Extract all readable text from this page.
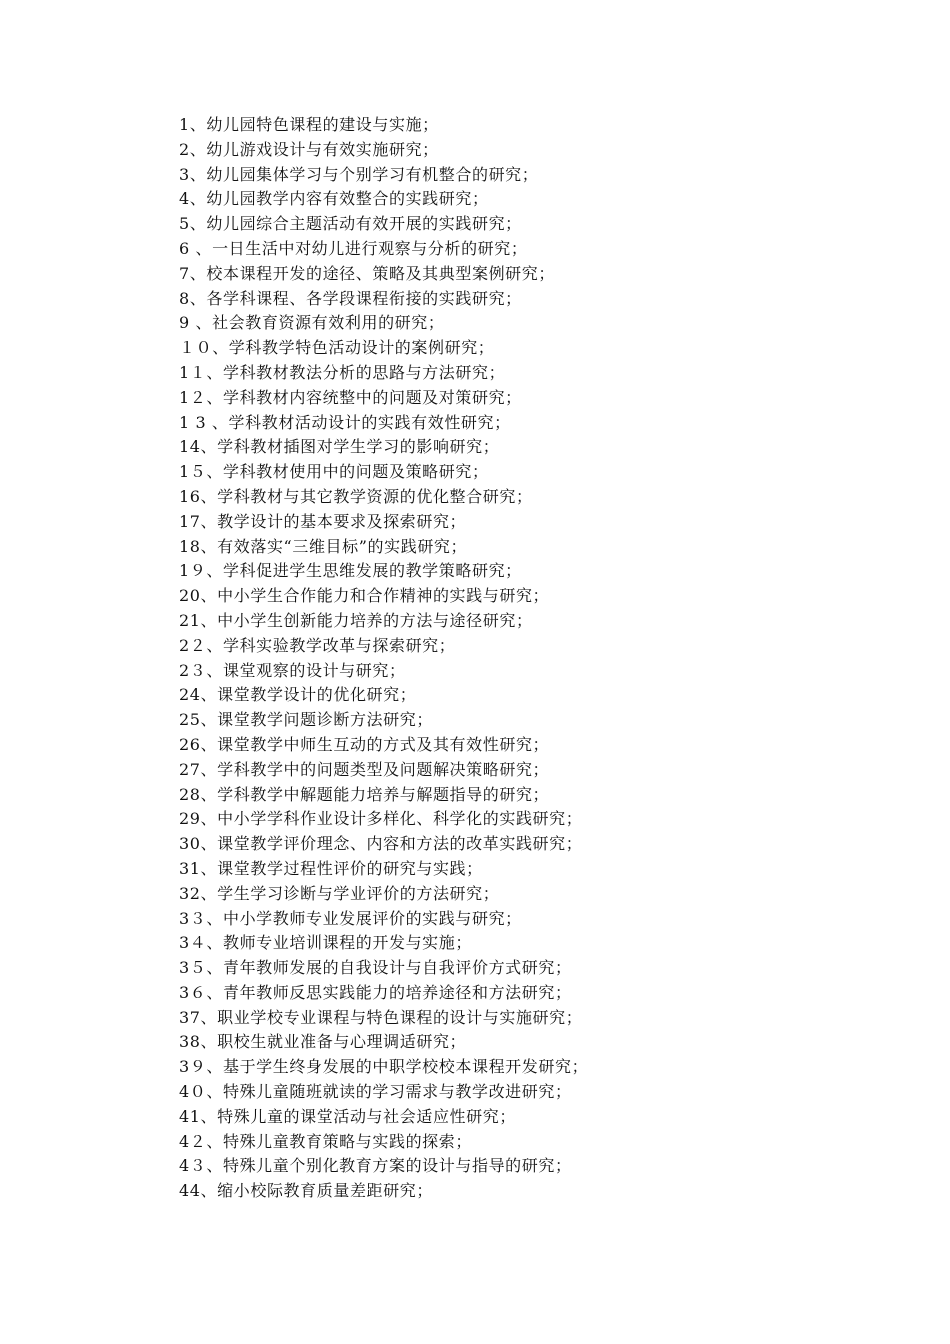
1、幼儿园特色课程的建设与实施；
2、幼儿游戏设计与有效实施研究；
3、幼儿园集体学习与个别学习有机整合的研究；
4、幼儿园教学内容有效整合的实践研究；
5、幼儿园综合主题活动有效开展的实践研究；
6 、一日生活中对幼儿进行观察与分析的研究；
7、校本课程开发的途径、策略及其典型案例研究；
8、各学科课程、各学段课程衔接的实践研究；
9 、社会教育资源有效利用的研究；
１０、学科教学特色活动设计的案例研究；
1１、学科教材教法分析的思路与方法研究；
1２、学科教材内容统整中的问题及对策研究；
1 3 、学科教材活动设计的实践有效性研究；
14、学科教材插图对学生学习的影响研究；
1５、学科教材使用中的问题及策略研究；
16、学科教材与其它教学资源的优化整合研究；
17、教学设计的基本要求及探索研究；
18、有效落实“三维目标”的实践研究；
1９、学科促进学生思维发展的教学策略研究；
20、中小学生合作能力和合作精神的实践与研究；
21、中小学生创新能力培养的方法与途径研究；
2２、学科实验教学改革与探索研究；
2３、课堂观察的设计与研究；
24、课堂教学设计的优化研究；
25、课堂教学问题诊断方法研究；
26、课堂教学中师生互动的方式及其有效性研究；
27、学科教学中的问题类型及问题解决策略研究；
28、学科教学中解题能力培养与解题指导的研究；
29、中小学学科作业设计多样化、科学化的实践研究；
30、课堂教学评价理念、内容和方法的改革实践研究；
31、课堂教学过程性评价的研究与实践；
32、学生学习诊断与学业评价的方法研究；
3３、中小学教师专业发展评价的实践与研究；
3４、教师专业培训课程的开发与实施；
3５、青年教师发展的自我设计与自我评价方式研究；
3６、青年教师反思实践能力的培养途径和方法研究；
37、职业学校专业课程与特色课程的设计与实施研究；
38、职校生就业准备与心理调适研究；
3９、基于学生终身发展的中职学校校本课程开发研究；
4０、特殊儿童随班就读的学习需求与教学改进研究；
41、特殊儿童的课堂活动与社会适应性研究；
4２、特殊儿童教育策略与实践的探索；
4３、特殊儿童个别化教育方案的设计与指导的研究；
44、缩小校际教育质量差距研究；
